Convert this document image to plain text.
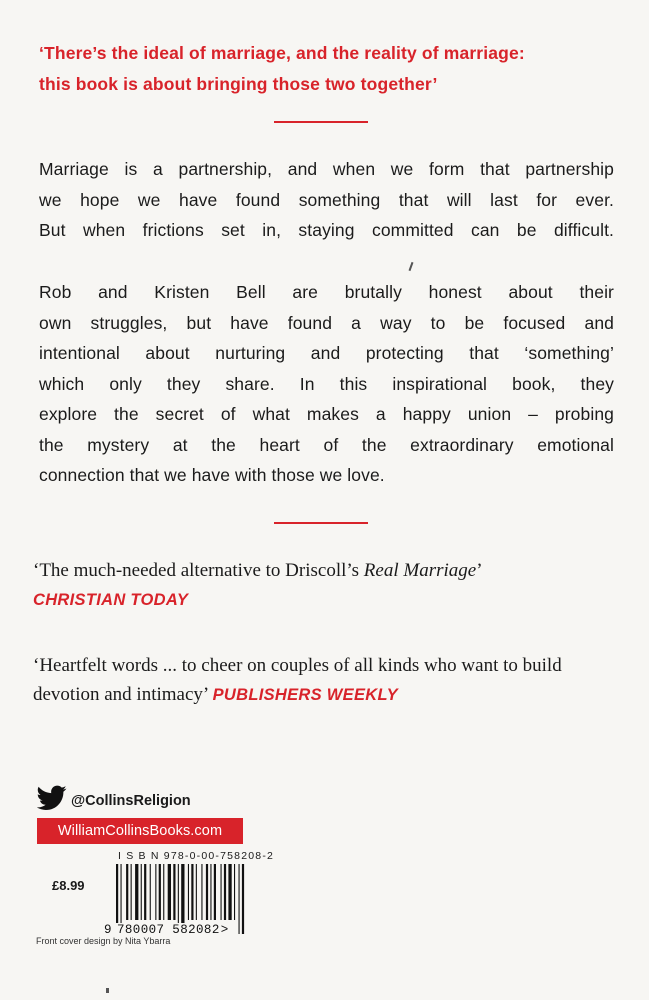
‘There’s the ideal of marriage, and the reality of marriage:
this book is about bringing those two together’
Marriage is a partnership, and when we form that partnership
we hope we have found something that will last for ever.
But when frictions set in, staying committed can be difficult.
Rob and Kristen Bell are brutally honest about their
own struggles, but have found a way to be focused and
intentional about nurturing and protecting that ‘something’
which only they share. In this inspirational book, they
explore the secret of what makes a happy union – probing
the mystery at the heart of the extraordinary emotional
connection that we have with those we love.
‘The much-needed alternative to Driscoll’s Real Marriage’
CHRISTIAN TODAY
‘Heartfelt words ... to cheer on couples of all kinds who want to build
devotion and intimacy’ PUBLISHERS WEEKLY
@CollinsReligion
WilliamCollinsBooks.com
I S B N 978-0-00-758208-2
£8.99
9 780007 582082 >
Front cover design by Nita Ybarra
